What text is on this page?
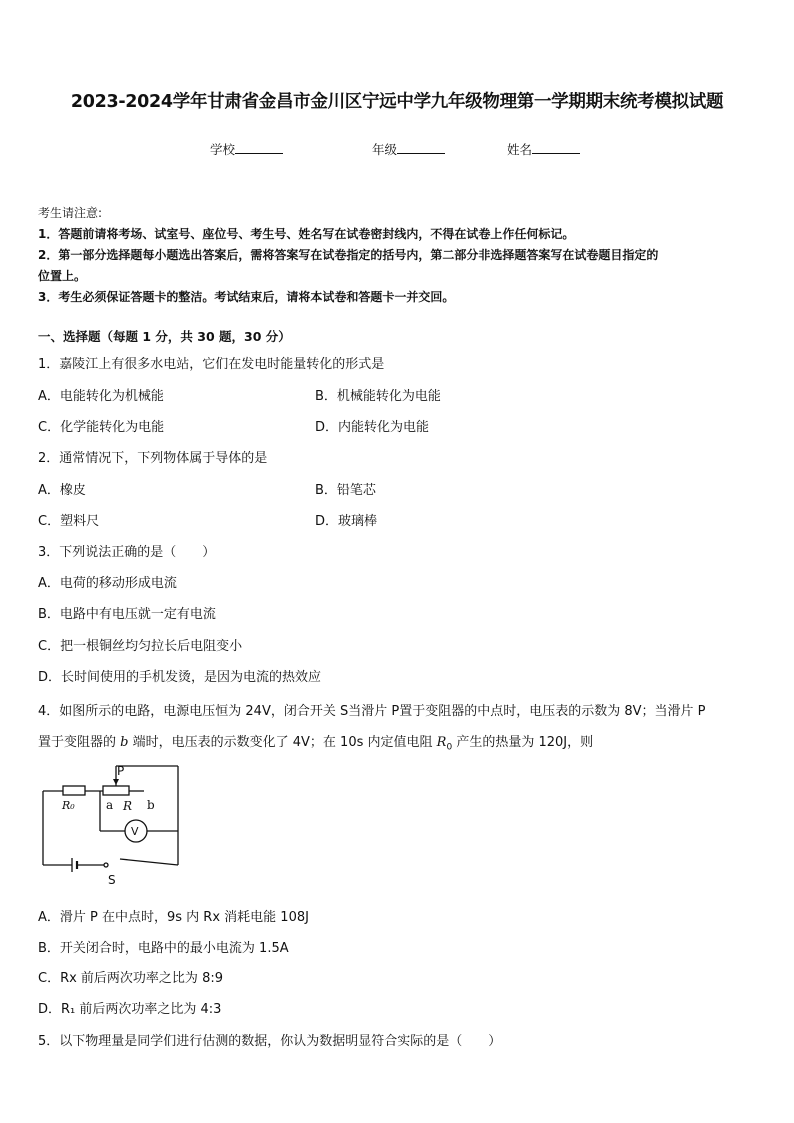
2023-2024学年甘肃省金昌市金川区宁远中学九年级物理第一学期期末统考模拟试题
学校	年级	姓名
考生请注意:
1．答题前请将考场、试室号、座位号、考生号、姓名写在试卷密封线内，不得在试卷上作任何标记。
2．第一部分选择题每小题选出答案后，需将答案写在试卷指定的括号内，第二部分非选择题答案写在试卷题目指定的
位置上。
3．考生必须保证答题卡的整洁。考试结束后，请将本试卷和答题卡一并交回。
一、选择题（每题 1 分，共 30 题，30 分）
1．嘉陵江上有很多水电站，它们在发电时能量转化的形式是
A．电能转化为机械能	B．机械能转化为电能
C．化学能转化为电能	D．内能转化为电能
2．通常情况下，下列物体属于导体的是
A．橡皮	B．铅笔芯
C．塑料尺	D．玻璃棒
3．下列说法正确的是（　　）
A．电荷的移动形成电流
B．电路中有电压就一定有电流
C．把一根铜丝均匀拉长后电阻变小
D．长时间使用的手机发烫，是因为电流的热效应
4．如图所示的电路，电源电压恒为 24V，闭合开关 S当滑片 P置于变阻器的中点时，电压表的示数为 8V；当滑片 P
置于变阻器的 b 端时，电压表的示数变化了 4V；在 10s 内定值电阻 $R_0$ 产生的热量为 120J，则
P
R₀	a R b
V
S
A．滑片 P 在中点时，9s 内 Rx 消耗电能 108J
B．开关闭合时，电路中的最小电流为 1.5A
C．Rx 前后两次功率之比为 8:9
D．R₁ 前后两次功率之比为 4:3
5．以下物理量是同学们进行估测的数据，你认为数据明显符合实际的是（　　）
